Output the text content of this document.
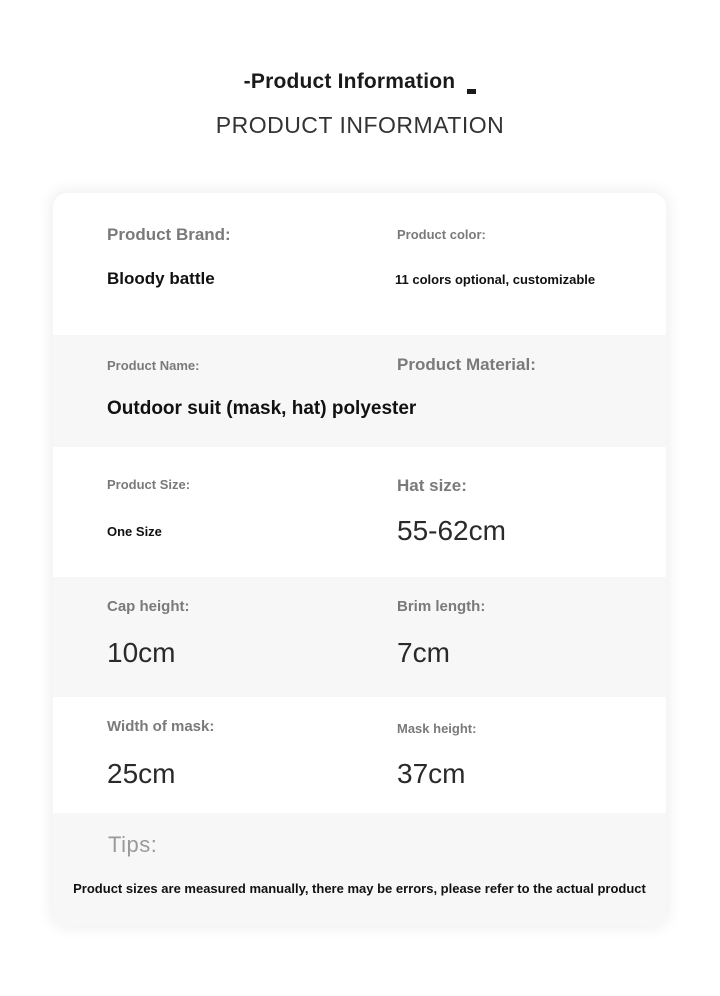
-Product Information
PRODUCT INFORMATION
Product Brand:
Bloody battle
Product color:
11 colors optional, customizable
Product Name:
Outdoor suit (mask, hat) polyester
Product Material:
Product Size:
One Size
Hat size:
55-62cm
Cap height:
10cm
Brim length:
7cm
Width of mask:
25cm
Mask height:
37cm
Tips:
Product sizes are measured manually, there may be errors, please refer to the actual product
